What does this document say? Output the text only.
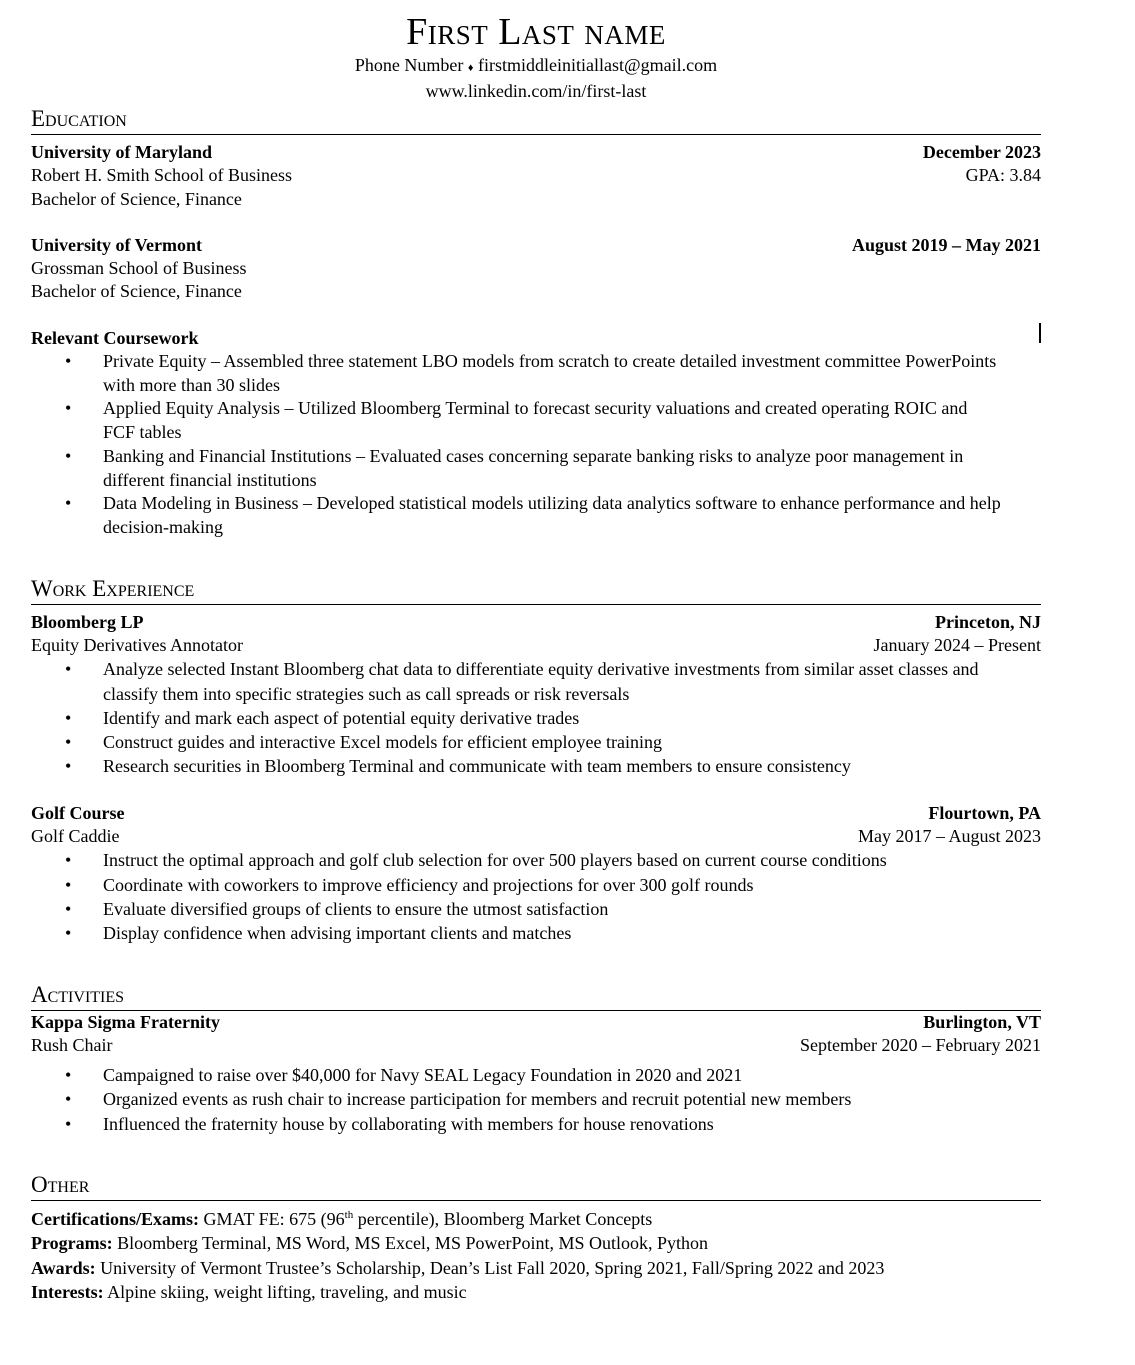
First Last name
Phone Number ♦ firstmiddleinitiallast@gmail.com
www.linkedin.com/in/first-last
Education
University of Maryland	December 2023
Robert H. Smith School of Business	GPA: 3.84
Bachelor of Science, Finance
University of Vermont	August 2019 – May 2021
Grossman School of Business
Bachelor of Science, Finance
Relevant Coursework
• Private Equity – Assembled three statement LBO models from scratch to create detailed investment committee PowerPoints with more than 30 slides
• Applied Equity Analysis – Utilized Bloomberg Terminal to forecast security valuations and created operating ROIC and FCF tables
• Banking and Financial Institutions – Evaluated cases concerning separate banking risks to analyze poor management in different financial institutions
• Data Modeling in Business – Developed statistical models utilizing data analytics software to enhance performance and help decision-making
Work Experience
Bloomberg LP	Princeton, NJ
Equity Derivatives Annotator	January 2024 – Present
• Analyze selected Instant Bloomberg chat data to differentiate equity derivative investments from similar asset classes and classify them into specific strategies such as call spreads or risk reversals
• Identify and mark each aspect of potential equity derivative trades
• Construct guides and interactive Excel models for efficient employee training
• Research securities in Bloomberg Terminal and communicate with team members to ensure consistency
Golf Course	Flourtown, PA
Golf Caddie	May 2017 – August 2023
• Instruct the optimal approach and golf club selection for over 500 players based on current course conditions
• Coordinate with coworkers to improve efficiency and projections for over 300 golf rounds
• Evaluate diversified groups of clients to ensure the utmost satisfaction
• Display confidence when advising important clients and matches
Activities
Kappa Sigma Fraternity	Burlington, VT
Rush Chair	September 2020 – February 2021
• Campaigned to raise over $40,000 for Navy SEAL Legacy Foundation in 2020 and 2021
• Organized events as rush chair to increase participation for members and recruit potential new members
• Influenced the fraternity house by collaborating with members for house renovations
Other
Certifications/Exams: GMAT FE: 675 (96th percentile), Bloomberg Market Concepts
Programs: Bloomberg Terminal, MS Word, MS Excel, MS PowerPoint, MS Outlook, Python
Awards: University of Vermont Trustee’s Scholarship, Dean’s List Fall 2020, Spring 2021, Fall/Spring 2022 and 2023
Interests: Alpine skiing, weight lifting, traveling, and music
